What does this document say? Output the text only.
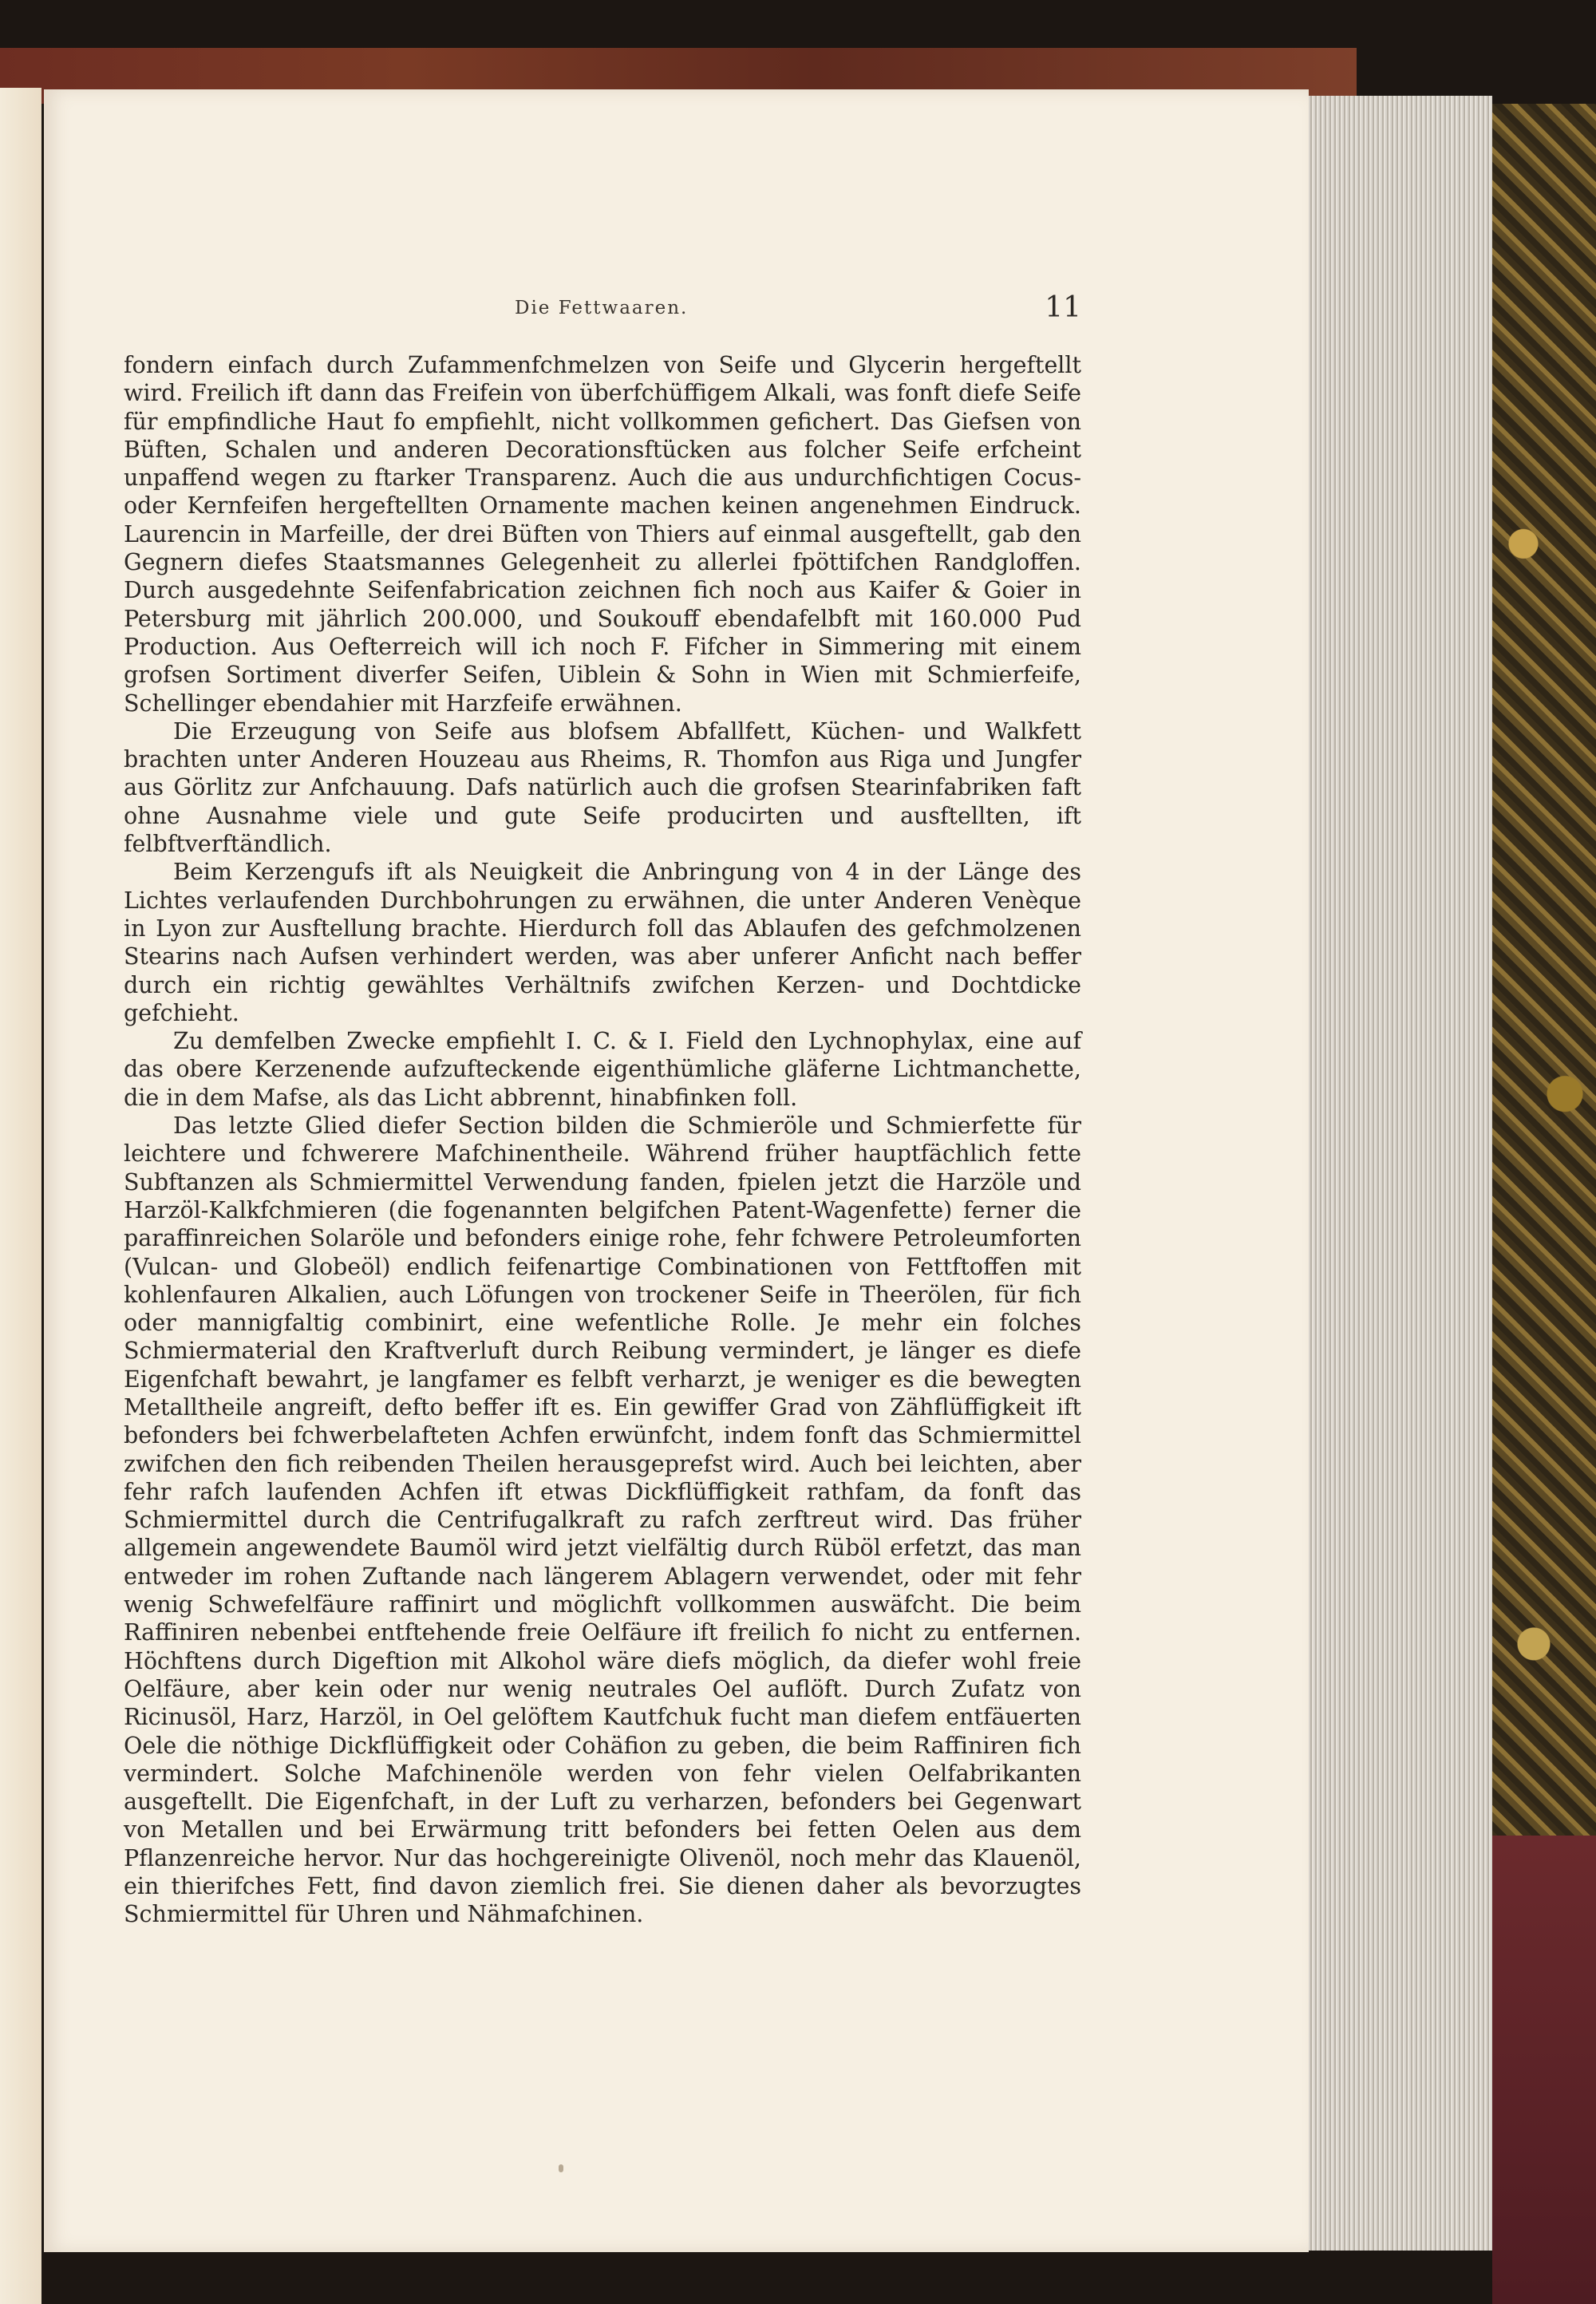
Die Fettwaaren.	11

fondern einfach durch Zufammenfchmelzen von Seife und Glycerin hergeftellt wird. Freilich ift dann das Freifein von überfchüffigem Alkali, was fonft diefe Seife für empfindliche Haut fo empfiehlt, nicht vollkommen gefichert. Das Giefsen von Büften, Schalen und anderen Decorationsftücken aus folcher Seife erfcheint unpaffend wegen zu ftarker Transparenz. Auch die aus undurchfichtigen Cocus- oder Kernfeifen hergeftellten Ornamente machen keinen angenehmen Eindruck. Laurencin in Marfeille, der drei Büften von Thiers auf einmal ausgeftellt, gab den Gegnern diefes Staatsmannes Gelegenheit zu allerlei fpöttifchen Randgloffen. Durch ausgedehnte Seifenfabrication zeichnen fich noch aus Kaifer & Goier in Petersburg mit jährlich 200.000, und Soukouff ebendafelbft mit 160.000 Pud Production. Aus Oefterreich will ich noch F. Fifcher in Simmering mit einem grofsen Sortiment diverfer Seifen, Uiblein & Sohn in Wien mit Schmierfeife, Schellinger ebendahier mit Harzfeife erwähnen.

Die Erzeugung von Seife aus blofsem Abfallfett, Küchen- und Walkfett brachten unter Anderen Houzeau aus Rheims, R. Thomfon aus Riga und Jungfer aus Görlitz zur Anfchauung. Dafs natürlich auch die grofsen Stearinfabriken faft ohne Ausnahme viele und gute Seife producirten und ausftellten, ift felbftverftändlich.

Beim Kerzengufs ift als Neuigkeit die Anbringung von 4 in der Länge des Lichtes verlaufenden Durchbohrungen zu erwähnen, die unter Anderen Venèque in Lyon zur Ausftellung brachte. Hierdurch foll das Ablaufen des gefchmolzenen Stearins nach Aufsen verhindert werden, was aber unferer Anficht nach beffer durch ein richtig gewähltes Verhältnifs zwifchen Kerzen- und Dochtdicke gefchieht.

Zu demfelben Zwecke empfiehlt I. C. & I. Field den Lychnophylax, eine auf das obere Kerzenende aufzufteckende eigenthümliche gläferne Lichtmanchette, die in dem Mafse, als das Licht abbrennt, hinabfinken foll.

Das letzte Glied diefer Section bilden die Schmieröle und Schmierfette für leichtere und fchwerere Mafchinentheile. Während früher hauptfächlich fette Subftanzen als Schmiermittel Verwendung fanden, fpielen jetzt die Harzöle und Harzöl-Kalkfchmieren (die fogenannten belgifchen Patent-Wagenfette) ferner die paraffinreichen Solaröle und befonders einige rohe, fehr fchwere Petroleumforten (Vulcan- und Globeöl) endlich feifenartige Combinationen von Fettftoffen mit kohlenfauren Alkalien, auch Löfungen von trockener Seife in Theerölen, für fich oder mannigfaltig combinirt, eine wefentliche Rolle. Je mehr ein folches Schmiermaterial den Kraftverluft durch Reibung vermindert, je länger es diefe Eigenfchaft bewahrt, je langfamer es felbft verharzt, je weniger es die bewegten Metalltheile angreift, defto beffer ift es. Ein gewiffer Grad von Zähflüffigkeit ift befonders bei fchwerbelafteten Achfen erwünfcht, indem fonft das Schmiermittel zwifchen den fich reibenden Theilen herausgeprefst wird. Auch bei leichten, aber fehr rafch laufenden Achfen ift etwas Dickflüffigkeit rathfam, da fonft das Schmiermittel durch die Centrifugalkraft zu rafch zerftreut wird. Das früher allgemein angewendete Baumöl wird jetzt vielfältig durch Rüböl erfetzt, das man entweder im rohen Zuftande nach längerem Ablagern verwendet, oder mit fehr wenig Schwefelfäure raffinirt und möglichft vollkommen auswäfcht. Die beim Raffiniren nebenbei entftehende freie Oelfäure ift freilich fo nicht zu entfernen. Höchftens durch Digeftion mit Alkohol wäre diefs möglich, da diefer wohl freie Oelfäure, aber kein oder nur wenig neutrales Oel auflöft. Durch Zufatz von Ricinusöl, Harz, Harzöl, in Oel gelöftem Kautfchuk fucht man diefem entfäuerten Oele die nöthige Dickflüffigkeit oder Cohäfion zu geben, die beim Raffiniren fich vermindert. Solche Mafchinenöle werden von fehr vielen Oelfabrikanten ausgeftellt. Die Eigenfchaft, in der Luft zu verharzen, befonders bei Gegenwart von Metallen und bei Erwärmung tritt befonders bei fetten Oelen aus dem Pflanzenreiche hervor. Nur das hochgereinigte Olivenöl, noch mehr das Klauenöl, ein thierifches Fett, find davon ziemlich frei. Sie dienen daher als bevorzugtes Schmiermittel für Uhren und Nähmafchinen.
